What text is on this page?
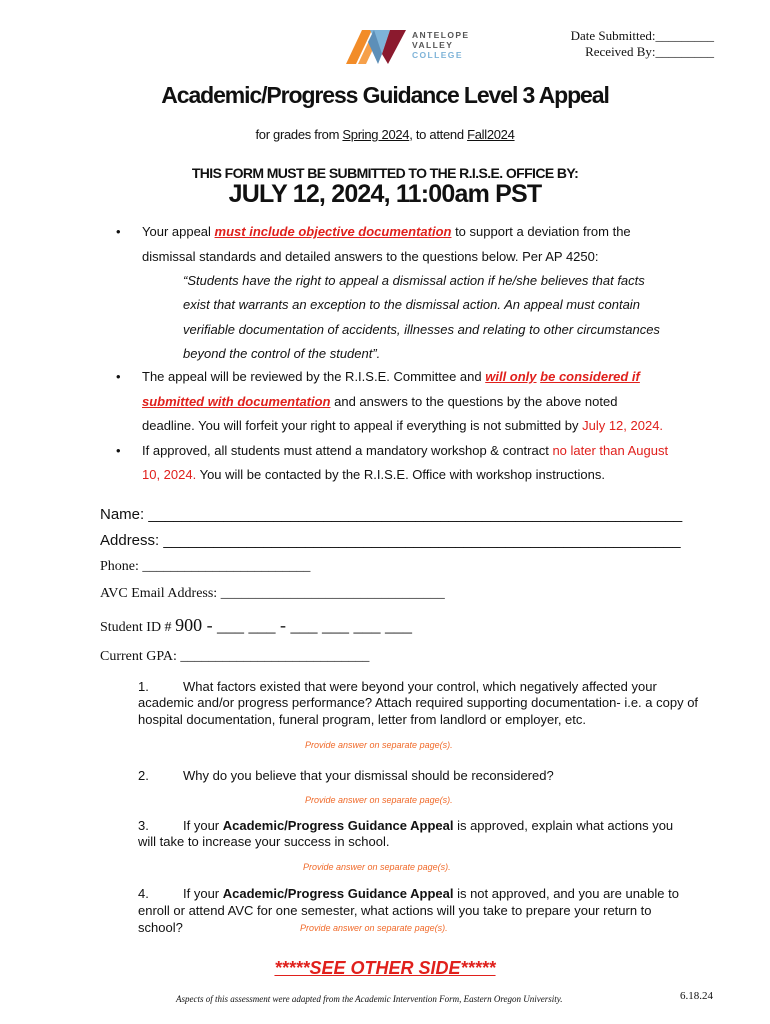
Date Submitted:_________
Received By:_________
ANTELOPE
VALLEY
COLLEGE
Academic/Progress Guidance Level 3 Appeal
for grades from Spring 2024, to attend Fall2024
THIS FORM MUST BE SUBMITTED TO THE R.I.S.E. OFFICE BY:
JULY 12, 2024, 11:00am PST
• Your appeal must include objective documentation to support a deviation from the
dismissal standards and detailed answers to the questions below. Per AP 4250:
“Students have the right to appeal a dismissal action if he/she believes that facts
exist that warrants an exception to the dismissal action. An appeal must contain
verifiable documentation of accidents, illnesses and relating to other circumstances
beyond the control of the student”.
• The appeal will be reviewed by the R.I.S.E. Committee and will only be considered if
submitted with documentation and answers to the questions by the above noted
deadline. You will forfeit your right to appeal if everything is not submitted by July 12, 2024.
• If approved, all students must attend a mandatory workshop & contract no later than August
10, 2024. You will be contacted by the R.I.S.E. Office with workshop instructions.
Name: ________________________________________________________________
Address: ______________________________________________________________
Phone: ________________________
AVC Email Address: ________________________________
Student ID # 900 - ___ ___ - ___ ___ ___ ___
Current GPA: ___________________________
1.	What factors existed that were beyond your control, which negatively affected your
academic and/or progress performance? Attach required supporting documentation- i.e. a copy of
hospital documentation, funeral program, letter from landlord or employer, etc.
Provide answer on separate page(s).
2.	Why do you believe that your dismissal should be reconsidered?
Provide answer on separate page(s).
3.	If your Academic/Progress Guidance Appeal is approved, explain what actions you
will take to increase your success in school.
Provide answer on separate page(s).
4.	If your Academic/Progress Guidance Appeal is not approved, and you are unable to
enroll or attend AVC for one semester, what actions will you take to prepare your return to
school?	Provide answer on separate page(s).
*****SEE OTHER SIDE*****
Aspects of this assessment were adapted from the Academic Intervention Form, Eastern Oregon University.	6.18.24
